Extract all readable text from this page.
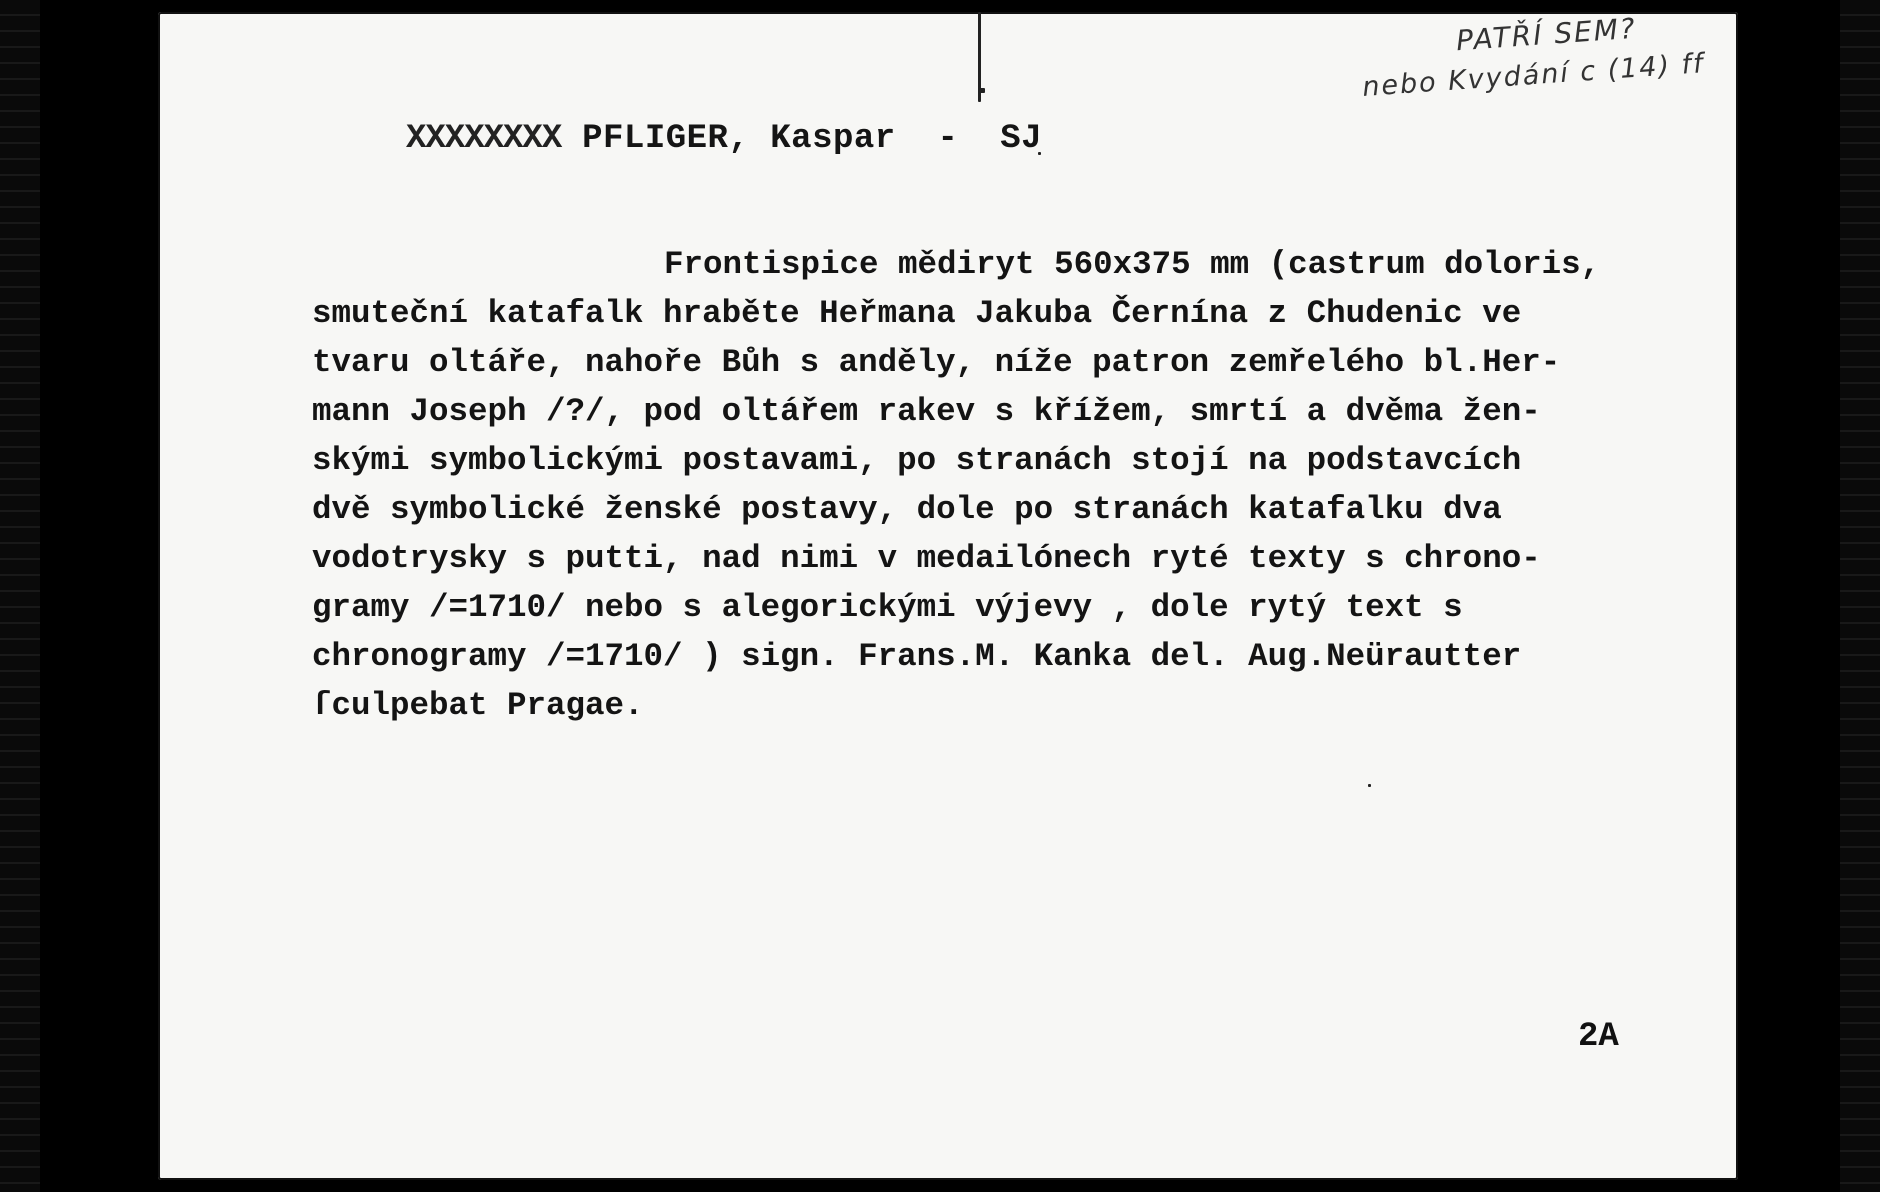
PATŘÍ SEM?
nebo Kvydání c (14) ff
XXXXXXXX PFLIGER, Kaspar - SJ
Frontispice mědiryt 560x375 mm (castrum doloris,
smuteční katafalk hraběte Heřmana Jakuba Černína z Chudenic ve
tvaru oltáře, nahoře Bůh s anděly, níže patron zemřelého bl.Her-
mann Joseph /?/, pod oltářem rakev s křížem, smrtí a dvěma žen-
skými symbolickými postavami, po stranách stojí na podstavcích
dvě symbolické ženské postavy, dole po stranách katafalku dva
vodotrysky s putti, nad nimi v medailónech ryté texty s chrono-
gramy /=1710/ nebo s alegorickými výjevy , dole rytý text s
chronogramy /=1710/ ) sign. Frans.M. Kanka del. Aug.Neürautter
ſculpebat Pragae.
2A
